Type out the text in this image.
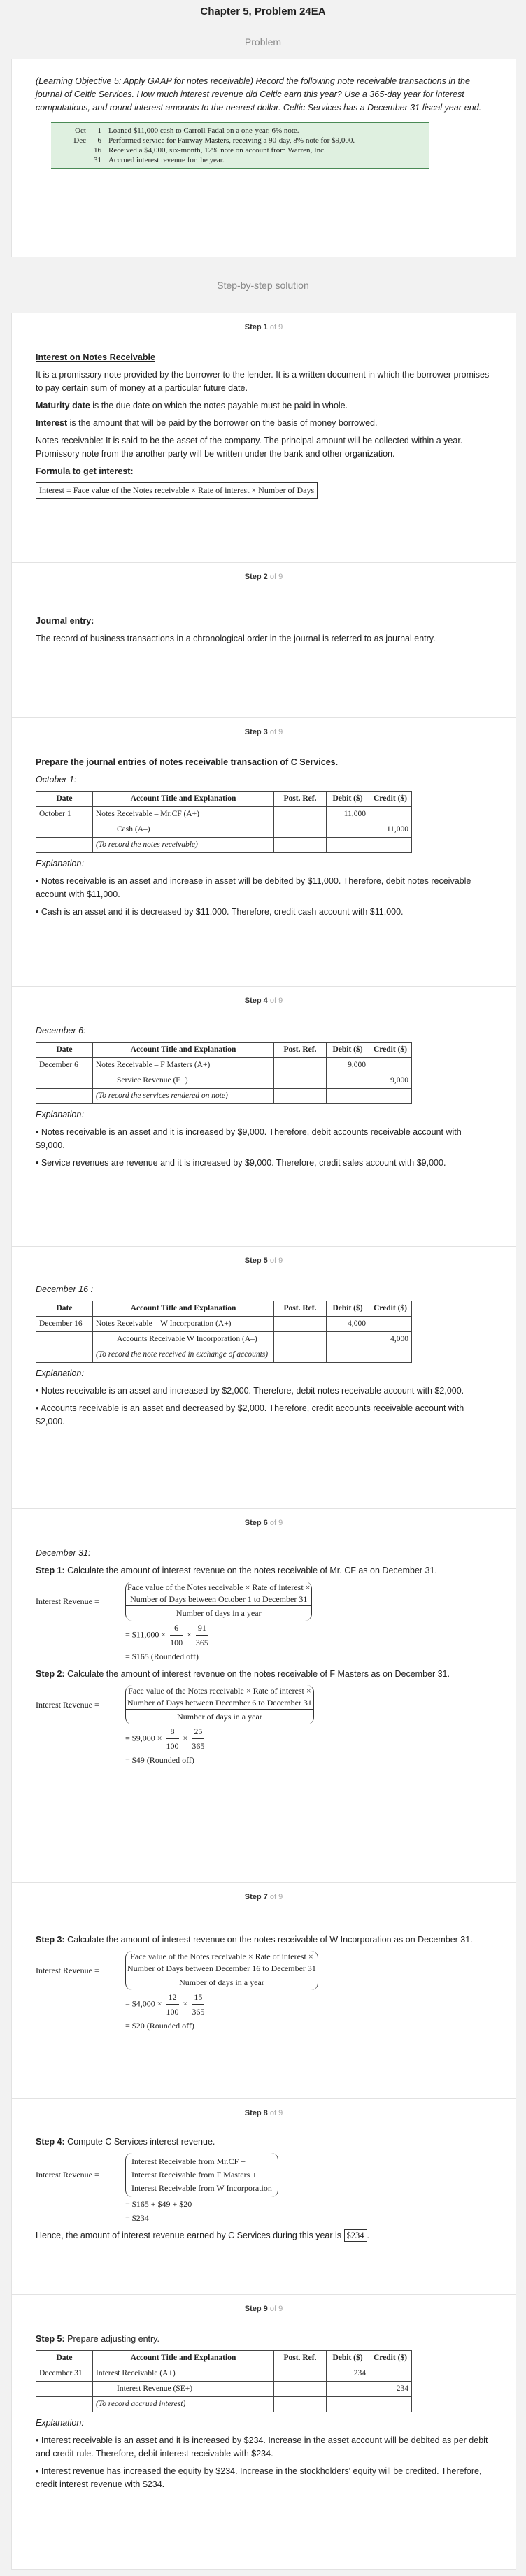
Chapter 5, Problem 24EA
Problem

(Learning Objective 5: Apply GAAP for notes receivable) Record the following note receivable transactions in the journal of Celtic Services. How much interest revenue did Celtic earn this year? Use a 365-day year for interest computations, and round interest amounts to the nearest dollar. Celtic Services has a December 31 fiscal year-end.

Oct	1 Loaned $11,000 cash to Carroll Fadal on a one-year, 6% note.
Dec	6 Performed service for Fairway Masters, receiving a 90-day, 8% note for $9,000.
16 Received a $4,000, six-month, 12% note on account from Warren, Inc.
31 Accrued interest revenue for the year.
Step-by-step solution
Step 1 of 9

Interest on Notes Receivable

It is a promissory note provided by the borrower to the lender. It is a written document in which the borrower promises to pay certain sum of money at a particular future date.

Maturity date is the due date on which the notes payable must be paid in whole.

Interest is the amount that will be paid by the borrower on the basis of money borrowed.

Notes receivable: It is said to be the asset of the company. The principal amount will be collected within a year. Promissory note from the another party will be written under the bank and other organization.

Formula to get interest:

Interest = Face value of the Notes receivable × Rate of interest × Number of Days
Step 2 of 9

Journal entry:

The record of business transactions in a chronological order in the journal is referred to as journal entry.

Step 3 of 9

Prepare the journal entries of notes receivable transaction of C Services.

October 1:

Date	Account Title and Explanation	Post. Ref.	Debit ($)	Credit ($)
October 1	Notes Receivable – Mr.CF (A+)		11,000	
	Cash (A–)			11,000
	(To record the notes receivable)			

Explanation:

• Notes receivable is an asset and increase in asset will be debited by $11,000. Therefore, debit notes receivable account with $11,000.

• Cash is an asset and it is decreased by $11,000. Therefore, credit cash account with $11,000.

Step 4 of 9

December 6:

Date	Account Title and Explanation	Post. Ref.	Debit ($)	Credit ($)
December 6	Notes Receivable – F Masters (A+)		9,000	
	Service Revenue (E+)			9,000
	(To record the services rendered on note)			

Explanation:

• Notes receivable is an asset and it is increased by $9,000. Therefore, debit accounts receivable account with $9,000.

• Service revenues are revenue and it is increased by $9,000. Therefore, credit sales account with $9,000.

Step 5 of 9

December 16 :

Date	Account Title and Explanation	Post. Ref.	Debit ($)	Credit ($)
December 16	Notes Receivable – W Incorporation (A+)		4,000	
	Accounts Receivable W Incorporation (A–)			4,000
	(To record the note received in exchange of accounts)			

Explanation:

• Notes receivable is an asset and increased by $2,000. Therefore, debit notes receivable account with $2,000.

• Accounts receivable is an asset and decreased by $2,000. Therefore, credit accounts receivable account with $2,000.

Step 6 of 9

December 31:

Step 1: Calculate the amount of interest revenue on the notes receivable of Mr. CF as on December 31.

Interest Revenue =
Face value of the Notes receivable × Rate of interest ×
Number of Days between October 1 to December 31
Number of days in a year
= $11,000 × $\frac{6}{100} \times \frac{91}{365}$
= $165 (Rounded off)

Step 2: Calculate the amount of interest revenue on the notes receivable of F Masters as on December 31.

Interest Revenue =
Face value of the Notes receivable × Rate of interest ×
Number of Days between December 6 to December 31
Number of days in a year
= $9,000 × $\frac{8}{100} \times \frac{25}{365}$
= $49 (Rounded off)
Step 7 of 9

Step 3: Calculate the amount of interest revenue on the notes receivable of W Incorporation as on December 31.

Interest Revenue =
Face value of the Notes receivable × Rate of interest ×
Number of Days between December 16 to December 31
Number of days in a year
= $4,000 × $\frac{12}{100} \times \frac{15}{365}$
= $20 (Rounded off)
Step 8 of 9

Step 4: Compute C Services interest revenue.

Interest Revenue =
Interest Receivable from Mr.CF +
Interest Receivable from F Masters +
Interest Receivable from W Incorporation
= $165 + $49 + $20
= $234

Hence, the amount of interest revenue earned by C Services during this year is $234 .

Step 9 of 9

Step 5: Prepare adjusting entry.

Date	Account Title and Explanation	Post. Ref.	Debit ($)	Credit ($)
December 31	Interest Receivable (A+)		234	
	Interest Revenue (SE+)			234
	(To record accrued interest)			

Explanation:

• Interest receivable is an asset and it is increased by $234. Increase in the asset account will be debited as per debit and credit rule. Therefore, debit interest receivable with $234.

• Interest revenue has increased the equity by $234. Increase in the stockholders' equity will be credited. Therefore, credit interest revenue with $234.
